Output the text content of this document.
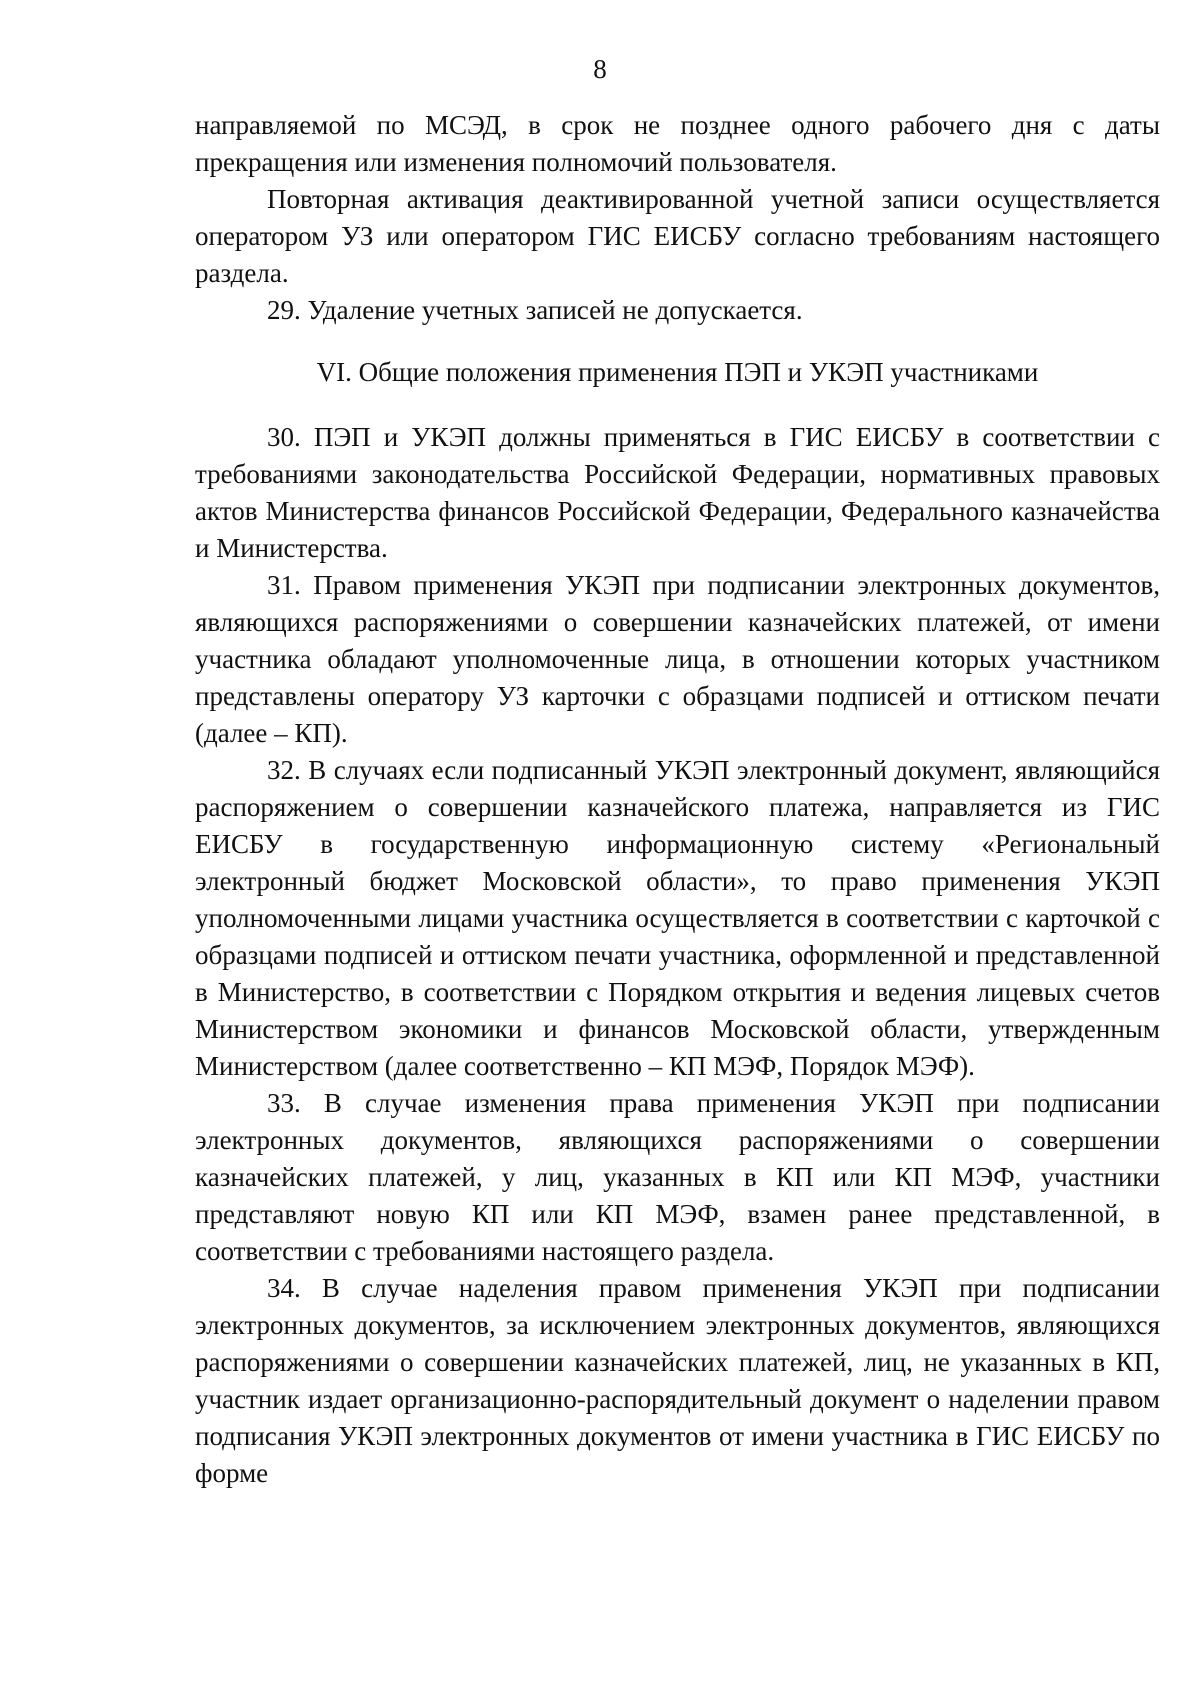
8

направляемой по МСЭД, в срок не позднее одного рабочего дня с даты прекращения или изменения полномочий пользователя.

Повторная активация деактивированной учетной записи осуществляется оператором УЗ или оператором ГИС ЕИСБУ согласно требованиям настоящего раздела.

29. Удаление учетных записей не допускается.

VI. Общие положения применения ПЭП и УКЭП участниками

30. ПЭП и УКЭП должны применяться в ГИС ЕИСБУ в соответствии с требованиями законодательства Российской Федерации, нормативных правовых актов Министерства финансов Российской Федерации, Федерального казначейства и Министерства.

31. Правом применения УКЭП при подписании электронных документов, являющихся распоряжениями о совершении казначейских платежей, от имени участника обладают уполномоченные лица, в отношении которых участником представлены оператору УЗ карточки с образцами подписей и оттиском печати (далее – КП).

32. В случаях если подписанный УКЭП электронный документ, являющийся распоряжением о совершении казначейского платежа, направляется из ГИС ЕИСБУ в государственную информационную систему «Региональный электронный бюджет Московской области», то право применения УКЭП уполномоченными лицами участника осуществляется в соответствии с карточкой с образцами подписей и оттиском печати участника, оформленной и представленной в Министерство, в соответствии с Порядком открытия и ведения лицевых счетов Министерством экономики и финансов Московской области, утвержденным Министерством (далее соответственно – КП МЭФ, Порядок МЭФ).

33. В случае изменения права применения УКЭП при подписании электронных документов, являющихся распоряжениями о совершении казначейских платежей, у лиц, указанных в КП или КП МЭФ, участники представляют новую КП или КП МЭФ, взамен ранее представленной, в соответствии с требованиями настоящего раздела.

34. В случае наделения правом применения УКЭП при подписании электронных документов, за исключением электронных документов, являющихся распоряжениями о совершении казначейских платежей, лиц, не указанных в КП, участник издает организационно-распорядительный документ о наделении правом подписания УКЭП электронных документов от имени участника в ГИС ЕИСБУ по форме
